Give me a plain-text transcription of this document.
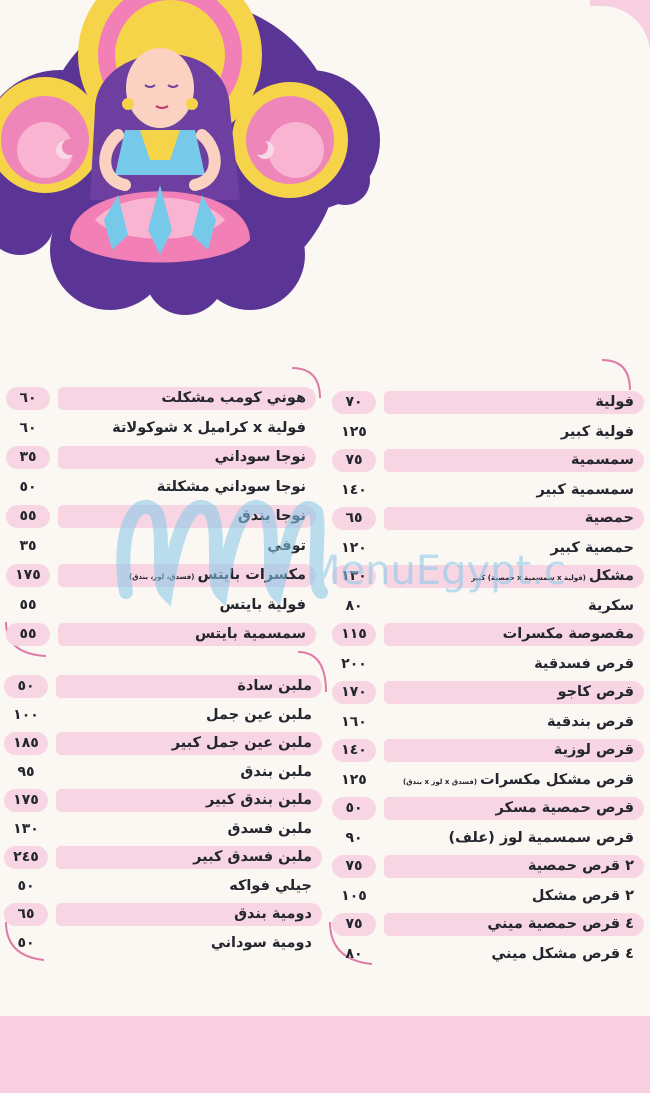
فولية
٧٠
فولية كبير
١٢٥
سمسمية
٧٥
سمسمية كبير
١٤٠
حمصية
٦٥
حمصية كبير
١٢٠
مشكل(فولية x سمسمية x حمصية) كبير
١٣٠
سكرية
٨٠
مقصوصة مكسرات
١١٥
قرص فسدقية
٢٠٠
قرص كاجو
١٧٠
قرص بندقية
١٦٠
قرص لوزية
١٤٠
قرص مشكل مكسرات(فسدق x لوز x بندق)
١٢٥
قرص حمصية مسكر
٥٠
قرص سمسمية لوز (علف)
٩٠
٢ قرص حمصية
٧٥
٢ قرص مشكل
١٠٥
٤ قرص حمصية ميني
٧٥
٤ قرص مشكل ميني
٨٠
هوني كومب مشكلت
٦٠
فولية x كراميل x شوكولاتة
٦٠
نوجا سوداني
٣٥
نوجا سوداني مشكلتة
٥٠
نوجا بندق
٥٥
توفي
٣٥
مكسرات بايتس(فسدق، لوز، بندق)
١٧٥
فولية بايتس
٥٥
سمسمية بايتس
٥٥
ملبن سادة
٥٠
ملبن عين جمل
١٠٠
ملبن عين جمل كبير
١٨٥
ملبن بندق
٩٥
ملبن بندق كبير
١٧٥
ملبن فسدق
١٣٠
ملبن فسدق كبير
٢٤٥
جيلي فواكه
٥٠
دومية بندق
٦٥
دومية سوداني
٥٠
MenuEgypt.c
